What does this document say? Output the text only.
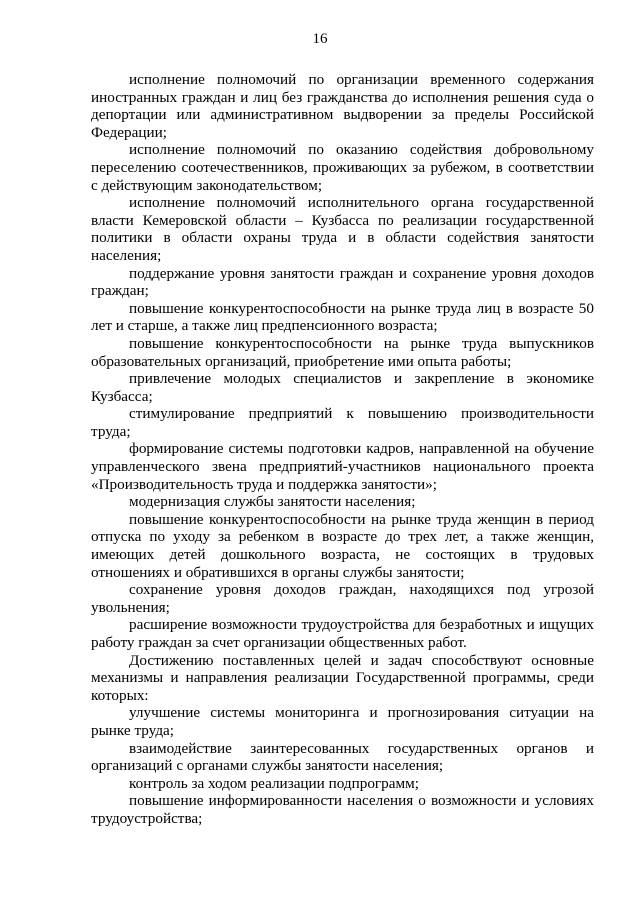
16

исполнение полномочий по организации временного содержания иностранных граждан и лиц без гражданства до исполнения решения суда о депортации или административном выдворении за пределы Российской Федерации;

исполнение полномочий по оказанию содействия добровольному переселению соотечественников, проживающих за рубежом, в соответствии с действующим законодательством;

исполнение полномочий исполнительного органа государственной власти Кемеровской области – Кузбасса по реализации государственной политики в области охраны труда и в области содействия занятости населения;

поддержание уровня занятости граждан и сохранение уровня доходов граждан;

повышение конкурентоспособности на рынке труда лиц в возрасте 50 лет и старше, а также лиц предпенсионного возраста;

повышение конкурентоспособности на рынке труда выпускников образовательных организаций, приобретение ими опыта работы;

привлечение молодых специалистов и закрепление в экономике Кузбасса;

стимулирование предприятий к повышению производительности труда;

формирование системы подготовки кадров, направленной на обучение управленческого звена предприятий-участников национального проекта «Производительность труда и поддержка занятости»;

модернизация службы занятости населения;

повышение конкурентоспособности на рынке труда женщин в период отпуска по уходу за ребенком в возрасте до трех лет, а также женщин, имеющих детей дошкольного возраста, не состоящих в трудовых отношениях и обратившихся в органы службы занятости;

сохранение уровня доходов граждан, находящихся под угрозой увольнения;

расширение возможности трудоустройства для безработных и ищущих работу граждан за счет организации общественных работ.

Достижению поставленных целей и задач способствуют основные механизмы и направления реализации Государственной программы, среди которых:

улучшение системы мониторинга и прогнозирования ситуации на рынке труда;

взаимодействие заинтересованных государственных органов и организаций с органами службы занятости населения;

контроль за ходом реализации подпрограмм;

повышение информированности населения о возможности и условиях трудоустройства;
